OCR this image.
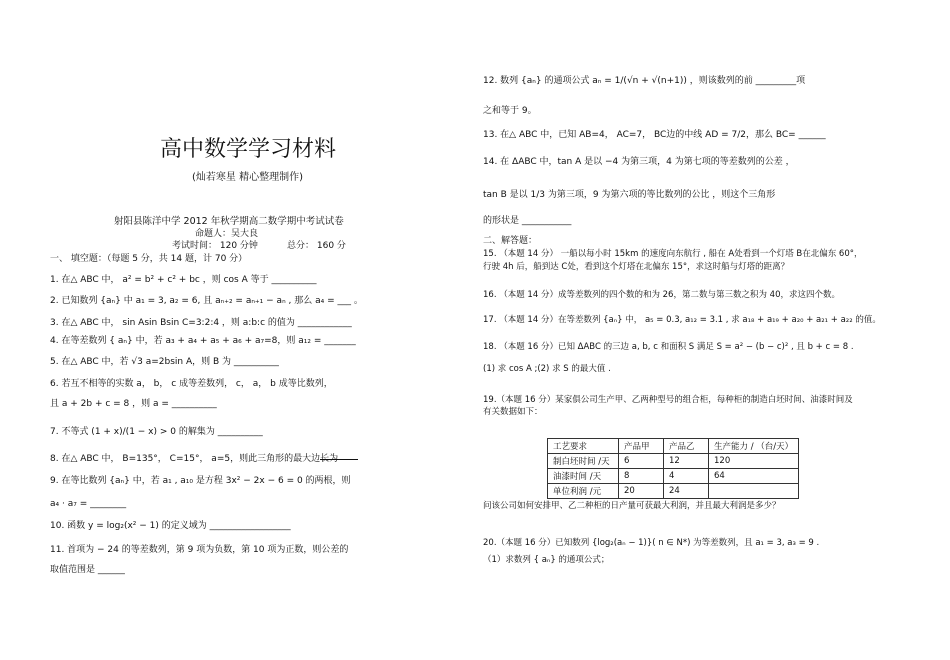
高中数学学习材料
(灿若寒星 精心整理制作)
射阳县陈洋中学 2012 年秋学期高二数学期中考试试卷
命题人：吴大良
考试时间： 120 分钟	总分： 160 分
一、 填空题：（每题 5 分，共 14 题，计 70 分）
1. 在△ ABC 中， a² = b² + c² + bc ，则 cos A 等于 __________
2. 已知数列 {aₙ} 中 a₁ = 3, a₂ = 6, 且 aₙ₊₂ = aₙ₊₁ − aₙ , 那么 a₄ = ___ 。
3. 在△ ABC 中， sin Asin Bsin C=3:2:4 ，则 a:b:c 的值为 ____________
4. 在等差数列 { aₙ} 中，若 a₃ + a₄ + a₅ + a₆ + a₇=8，则 a₁₂ = _______
5. 在△ ABC 中，若 √3 a=2bsin A，则 B 为 __________
6. 若互不相等的实数 a， b， c 成等差数列， c， a， b 成等比数列，
且 a + 2b + c = 8 ，则 a = __________
7. 不等式 (1 + x)/(1 − x) > 0 的解集为 __________
8. 在△ ABC 中， B=135°， C=15°， a=5，则此三角形的最大边长为
9. 在等比数列 {aₙ} 中，若 a₁ , a₁₀ 是方程 3x² − 2x − 6 = 0 的两根，则
a₄ · a₇ = ________
10. 函数 y = log₂(x² − 1) 的定义域为 __________________
11. 首项为 − 24 的等差数列，第 9 项为负数，第 10 项为正数，则公差的
取值范围是 ______
12. 数列 {aₙ} 的通项公式 aₙ = 1/(√n + √(n+1)) ，则该数列的前 _________项
之和等于 9。
13. 在△ ABC 中，已知 AB=4， AC=7， BC边的中线 AD = 7/2，那么 BC= ______
14. 在 ΔABC 中，tan A 是以 −4 为第三项，4 为第七项的等差数列的公差 ，
tan B 是以 1/3 为第三项，9 为第六项的等比数列的公比 ，则这个三角形
的形状是 ___________
二、解答题：
15. （本题 14 分） 一船以每小时 15km 的速度向东航行 , 船在 A处看到一个灯塔 B在北偏东 60°，
行驶 4h 后，船到达 C处，看到这个灯塔在北偏东 15°，求这时船与灯塔的距离？
16. （本题 14 分）成等差数列的四个数的和为 26，第二数与第三数之积为 40，求这四个数。
17. （本题 14 分）在等差数列 {aₙ} 中， a₅ = 0.3, a₁₂ = 3.1 , 求 a₁₈ + a₁₉ + a₂₀ + a₂₁ + a₂₂ 的值。
18. （本题 16 分）已知 ΔABC 的三边 a, b, c 和面积 S 满足 S = a² − (b − c)² , 且 b + c = 8 .
(1) 求 cos A ;(2) 求 S 的最大值 .
19.（本题 16 分）某家俱公司生产甲、乙两种型号的组合柜，每种柜的制造白坯时间、油漆时间及
有关数据如下：
工艺要求	产品甲	产品乙	生产能力 / （台/天）
制白坯时间 /天	6	12	120
油漆时间 /天	8	4	64
单位利润 /元	20	24	
问该公司如何安排甲、乙二种柜的日产量可获最大利润，并且最大利润是多少？
20.（本题 16 分）已知数列 {log₂(aₙ − 1)}( n ∈ N*) 为等差数列，且 a₁ = 3, a₃ = 9 .
（1）求数列 { aₙ} 的通项公式；
